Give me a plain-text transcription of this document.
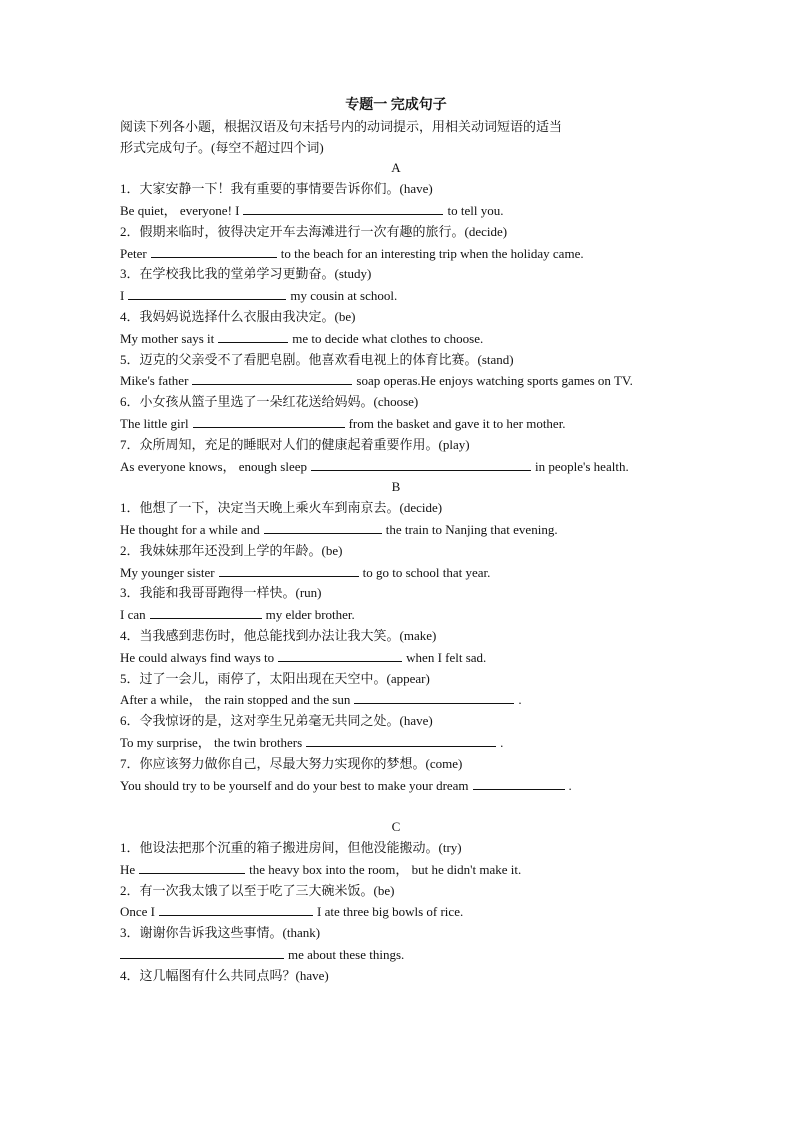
专题一 完成句子
阅读下列各小题，根据汉语及句末括号内的动词提示，用相关动词短语的适当
形式完成句子。(每空不超过四个词)
A
1．大家安静一下！我有重要的事情要告诉你们。(have)
Be quiet， everyone! I	to tell you.
2．假期来临时，彼得决定开车去海滩进行一次有趣的旅行。(decide)
Peter	to the beach for an interesting trip when the holiday came.
3．在学校我比我的堂弟学习更勤奋。(study)
I	my cousin at school.
4．我妈妈说选择什么衣服由我决定。(be)
My mother says it	me to decide what clothes to choose.
5．迈克的父亲受不了看肥皂剧。他喜欢看电视上的体育比赛。(stand)
Mike's father	soap operas.He enjoys watching sports games on TV.
6．小女孩从篮子里选了一朵红花送给妈妈。(choose)
The little girl	from the basket and gave it to her mother.
7．众所周知，充足的睡眠对人们的健康起着重要作用。(play)
As everyone knows， enough sleep	in people's health.
B
1．他想了一下，决定当天晚上乘火车到南京去。(decide)
He thought for a while and	the train to Nanjing that evening.
2．我妹妹那年还没到上学的年龄。(be)
My younger sister	to go to school that year.
3．我能和我哥哥跑得一样快。(run)
I can	my elder brother.
4．当我感到悲伤时，他总能找到办法让我大笑。(make)
He could always find ways to	when I felt sad.
5．过了一会儿，雨停了，太阳出现在天空中。(appear)
After a while， the rain stopped and the sun	.
6．令我惊讶的是，这对孪生兄弟毫无共同之处。(have)
To my surprise， the twin brothers	.
7．你应该努力做你自己，尽最大努力实现你的梦想。(come)
You should try to be yourself and do your best to make your dream	.
C
1．他设法把那个沉重的箱子搬进房间，但他没能搬动。(try)
He	the heavy box into the room， but he didn't make it.
2．有一次我太饿了以至于吃了三大碗米饭。(be)
Once I	I ate three big bowls of rice.
3．谢谢你告诉我这些事情。(thank)
me about these things.
4．这几幅图有什么共同点吗？(have)
